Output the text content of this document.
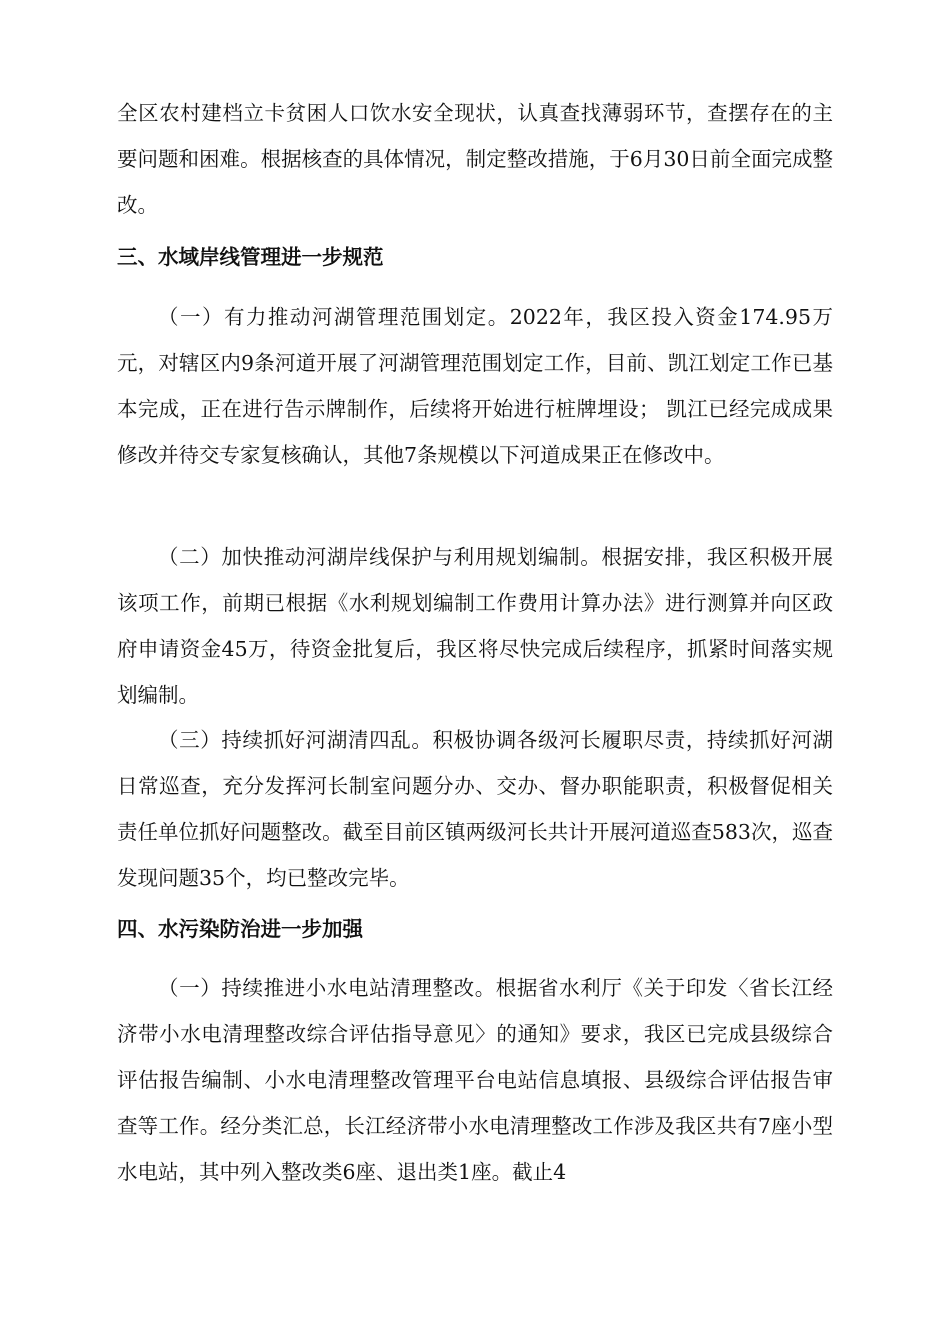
全区农村建档立卡贫困人口饮水安全现状，认真查找薄弱环节，查摆存在的主要问题和困难。根据核查的具体情况，制定整改措施，于6月30日前全面完成整改。

三、水域岸线管理进一步规范

（一）有力推动河湖管理范围划定。2022年，我区投入资金174.95万元，对辖区内9条河道开展了河湖管理范围划定工作，目前、凯江划定工作已基本完成，正在进行告示牌制作，后续将开始进行桩牌埋设； 凯江已经完成成果修改并待交专家复核确认，其他7条规模以下河道成果正在修改中。

（二）加快推动河湖岸线保护与利用规划编制。根据安排，我区积极开展该项工作，前期已根据《水利规划编制工作费用计算办法》进行测算并向区政府申请资金45万，待资金批复后，我区将尽快完成后续程序，抓紧时间落实规划编制。

（三）持续抓好河湖清四乱。积极协调各级河长履职尽责，持续抓好河湖日常巡查，充分发挥河长制室问题分办、交办、督办职能职责，积极督促相关责任单位抓好问题整改。截至目前区镇两级河长共计开展河道巡查583次，巡查发现问题35个，均已整改完毕。

四、水污染防治进一步加强

（一）持续推进小水电站清理整改。根据省水利厅《关于印发〈省长江经济带小水电清理整改综合评估指导意见〉的通知》要求，我区已完成县级综合评估报告编制、小水电清理整改管理平台电站信息填报、县级综合评估报告审查等工作。经分类汇总，长江经济带小水电清理整改工作涉及我区共有7座小型水电站，其中列入整改类6座、退出类1座。截止4
